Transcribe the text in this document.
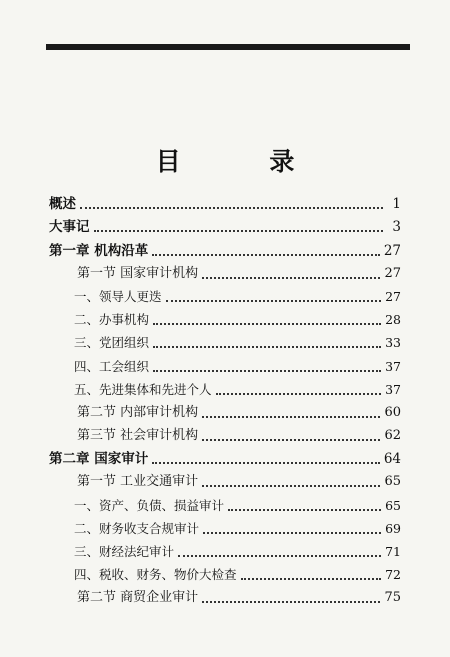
目 录
概述	1
大事记	3
第一章 机构沿革	27
第一节 国家审计机构	27
一、领导人更迭	27
二、办事机构	28
三、党团组织	33
四、工会组织	37
五、先进集体和先进个人	37
第二节 内部审计机构	60
第三节 社会审计机构	62
第二章 国家审计	64
第一节 工业交通审计	65
一、资产、负债、损益审计	65
二、财务收支合规审计	69
三、财经法纪审计	71
四、税收、财务、物价大检查	72
第二节 商贸企业审计	75
